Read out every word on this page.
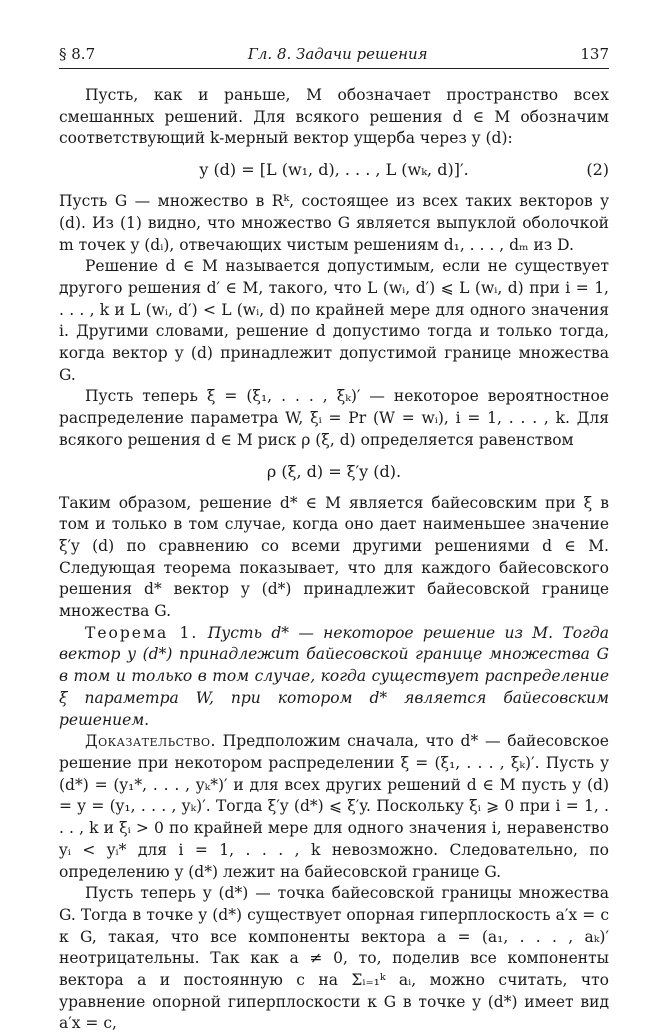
§ 8.7	Гл. 8. Задачи решения	137

Пусть, как и раньше, M обозначает пространство всех смешанных решений. Для всякого решения d ∈ M обозначим соответствующий k-мерный вектор ущерба через y (d):

y (d) = [L (w₁, d), . . . , L (wₖ, d)]′.	(2)

Пусть G — множество в Rᵏ, состоящее из всех таких векторов y (d). Из (1) видно, что множество G является выпуклой оболочкой m точек y (dᵢ), отвечающих чистым решениям d₁, . . . , dₘ из D.

Решение d ∈ M называется допустимым, если не существует другого решения d′ ∈ M, такого, что L (wᵢ, d′) ⩽ L (wᵢ, d) при i = 1, . . . , k и L (wᵢ, d′) < L (wᵢ, d) по крайней мере для одного значения i. Другими словами, решение d допустимо тогда и только тогда, когда вектор y (d) принадлежит допустимой границе множества G.

Пусть теперь ξ = (ξ₁, . . . , ξₖ)′ — некоторое вероятностное распределение параметра W, ξᵢ = Pr (W = wᵢ), i = 1, . . . , k. Для всякого решения d ∈ M риск ρ (ξ, d) определяется равенством

ρ (ξ, d) = ξ′y (d).

Таким образом, решение d* ∈ M является байесовским при ξ в том и только в том случае, когда оно дает наименьшее значение ξ′y (d) по сравнению со всеми другими решениями d ∈ M. Следующая теорема показывает, что для каждого байесовского решения d* вектор y (d*) принадлежит байесовской границе множества G.

Теорема 1. Пусть d* — некоторое решение из M. Тогда вектор y (d*) принадлежит байесовской границе множества G в том и только в том случае, когда существует распределение ξ параметра W, при котором d* является байесовским решением.

Доказательство. Предположим сначала, что d* — байесовское решение при некотором распределении ξ = (ξ₁, . . . , ξₖ)′. Пусть y (d*) = (y₁*, . . . , yₖ*)′ и для всех других решений d ∈ M пусть y (d) = y = (y₁, . . . , yₖ)′. Тогда ξ′y (d*) ⩽ ξ′y. Поскольку ξᵢ ⩾ 0 при i = 1, . . . , k и ξᵢ > 0 по крайней мере для одного значения i, неравенство yᵢ < yᵢ* для i = 1, . . . , k невозможно. Следовательно, по определению y (d*) лежит на байесовской границе G.

Пусть теперь y (d*) — точка байесовской границы множества G. Тогда в точке y (d*) существует опорная гиперплоскость a′x = c к G, такая, что все компоненты вектора a = (a₁, . . . , aₖ)′ неотрицательны. Так как a ≠ 0, то, поделив все компоненты вектора a и постоянную c на Σᵢ₌₁ᵏ aᵢ, можно считать, что уравнение опорной гиперплоскости к G в точке y (d*) имеет вид a′x = c,
